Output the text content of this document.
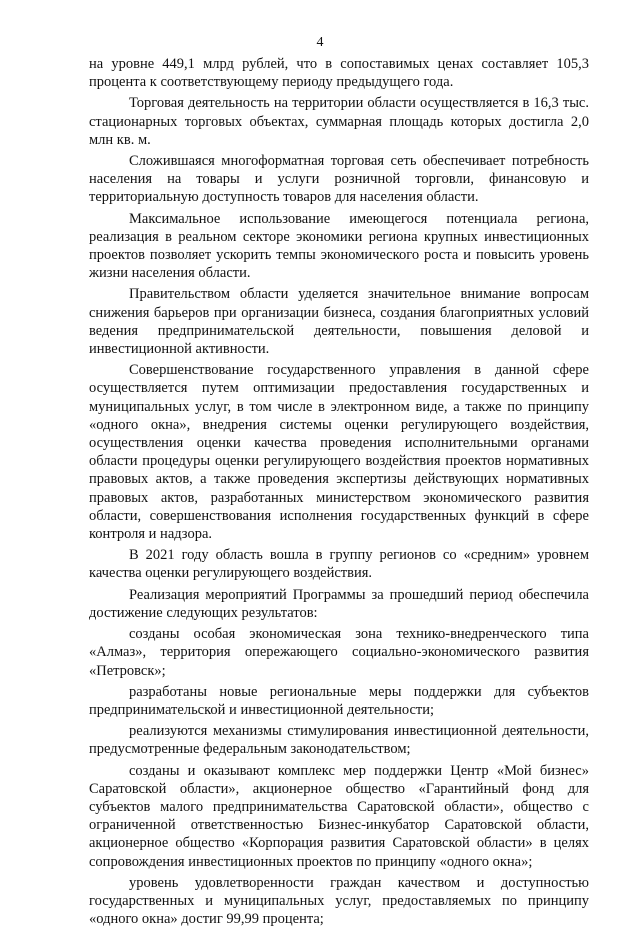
4

на уровне 449,1 млрд рублей, что в сопоставимых ценах составляет 105,3 процента к соответствующему периоду предыдущего года.

Торговая деятельность на территории области осуществляется в 16,3 тыс. стационарных торговых объектах, суммарная площадь которых достигла 2,0 млн кв. м.

Сложившаяся многоформатная торговая сеть обеспечивает потребность населения на товары и услуги розничной торговли, финансовую и территориальную доступность товаров для населения области.

Максимальное использование имеющегося потенциала региона, реализация в реальном секторе экономики региона крупных инвестиционных проектов позволяет ускорить темпы экономического роста и повысить уровень жизни населения области.

Правительством области уделяется значительное внимание вопросам снижения барьеров при организации бизнеса, создания благоприятных условий ведения предпринимательской деятельности, повышения деловой и инвестиционной активности.

Совершенствование государственного управления в данной сфере осуществляется путем оптимизации предоставления государственных и муниципальных услуг, в том числе в электронном виде, а также по принципу «одного окна», внедрения системы оценки регулирующего воздействия, осуществления оценки качества проведения исполнительными органами области процедуры оценки регулирующего воздействия проектов нормативных правовых актов, а также проведения экспертизы действующих нормативных правовых актов, разработанных министерством экономического развития области, совершенствования исполнения государственных функций в сфере контроля и надзора.

В 2021 году область вошла в группу регионов со «средним» уровнем качества оценки регулирующего воздействия.

Реализация мероприятий Программы за прошедший период обеспечила достижение следующих результатов:

созданы особая экономическая зона технико-внедренческого типа «Алмаз», территория опережающего социально-экономического развития «Петровск»;

разработаны новые региональные меры поддержки для субъектов предпринимательской и инвестиционной деятельности;

реализуются механизмы стимулирования инвестиционной деятельности, предусмотренные федеральным законодательством;

созданы и оказывают комплекс мер поддержки Центр «Мой бизнес» Саратовской области», акционерное общество «Гарантийный фонд для субъектов малого предпринимательства Саратовской области», общество с ограниченной ответственностью Бизнес-инкубатор Саратовской области, акционерное общество «Корпорация развития Саратовской области» в целях сопровождения инвестиционных проектов по принципу «одного окна»;

уровень удовлетворенности граждан качеством и доступностью государственных и муниципальных услуг, предоставляемых по принципу «одного окна» достиг 99,99 процента;
